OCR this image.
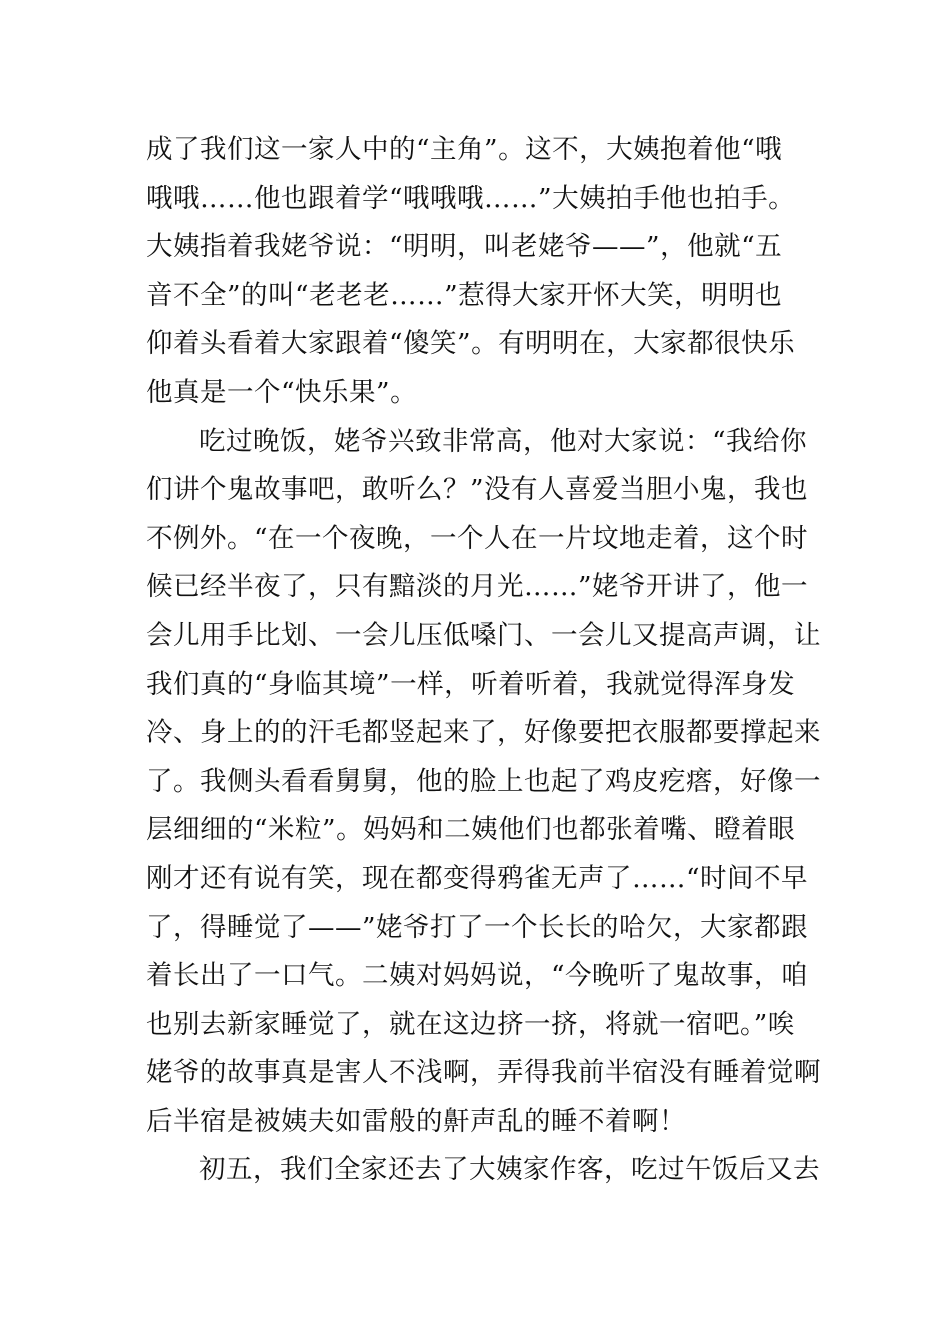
成了我们这一家人中的“主角”。这不，大姨抱着他“哦
哦哦……他也跟着学“哦哦哦……”大姨拍手他也拍手。
大姨指着我姥爷说：“明明，叫老姥爷——”，他就“五
音不全”的叫“老老老……”惹得大家开怀大笑，明明也
仰着头看着大家跟着“傻笑”。有明明在，大家都很快乐
他真是一个“快乐果”。
吃过晚饭，姥爷兴致非常高，他对大家说：“我给你
们讲个鬼故事吧，敢听么？”没有人喜爱当胆小鬼，我也
不例外。“在一个夜晚，一个人在一片坟地走着，这个时
候已经半夜了，只有黯淡的月光……”姥爷开讲了，他一
会儿用手比划、一会儿压低嗓门、一会儿又提高声调，让
我们真的“身临其境”一样，听着听着，我就觉得浑身发
冷、身上的的汗毛都竖起来了，好像要把衣服都要撑起来
了。我侧头看看舅舅，他的脸上也起了鸡皮疙瘩，好像一
层细细的“米粒”。妈妈和二姨他们也都张着嘴、瞪着眼
刚才还有说有笑，现在都变得鸦雀无声了……“时间不早
了，得睡觉了——”姥爷打了一个长长的哈欠，大家都跟
着长出了一口气。二姨对妈妈说，“今晚听了鬼故事，咱
也别去新家睡觉了，就在这边挤一挤，将就一宿吧。”唉
姥爷的故事真是害人不浅啊，弄得我前半宿没有睡着觉啊
后半宿是被姨夫如雷般的鼾声乱的睡不着啊！
初五，我们全家还去了大姨家作客，吃过午饭后又去
